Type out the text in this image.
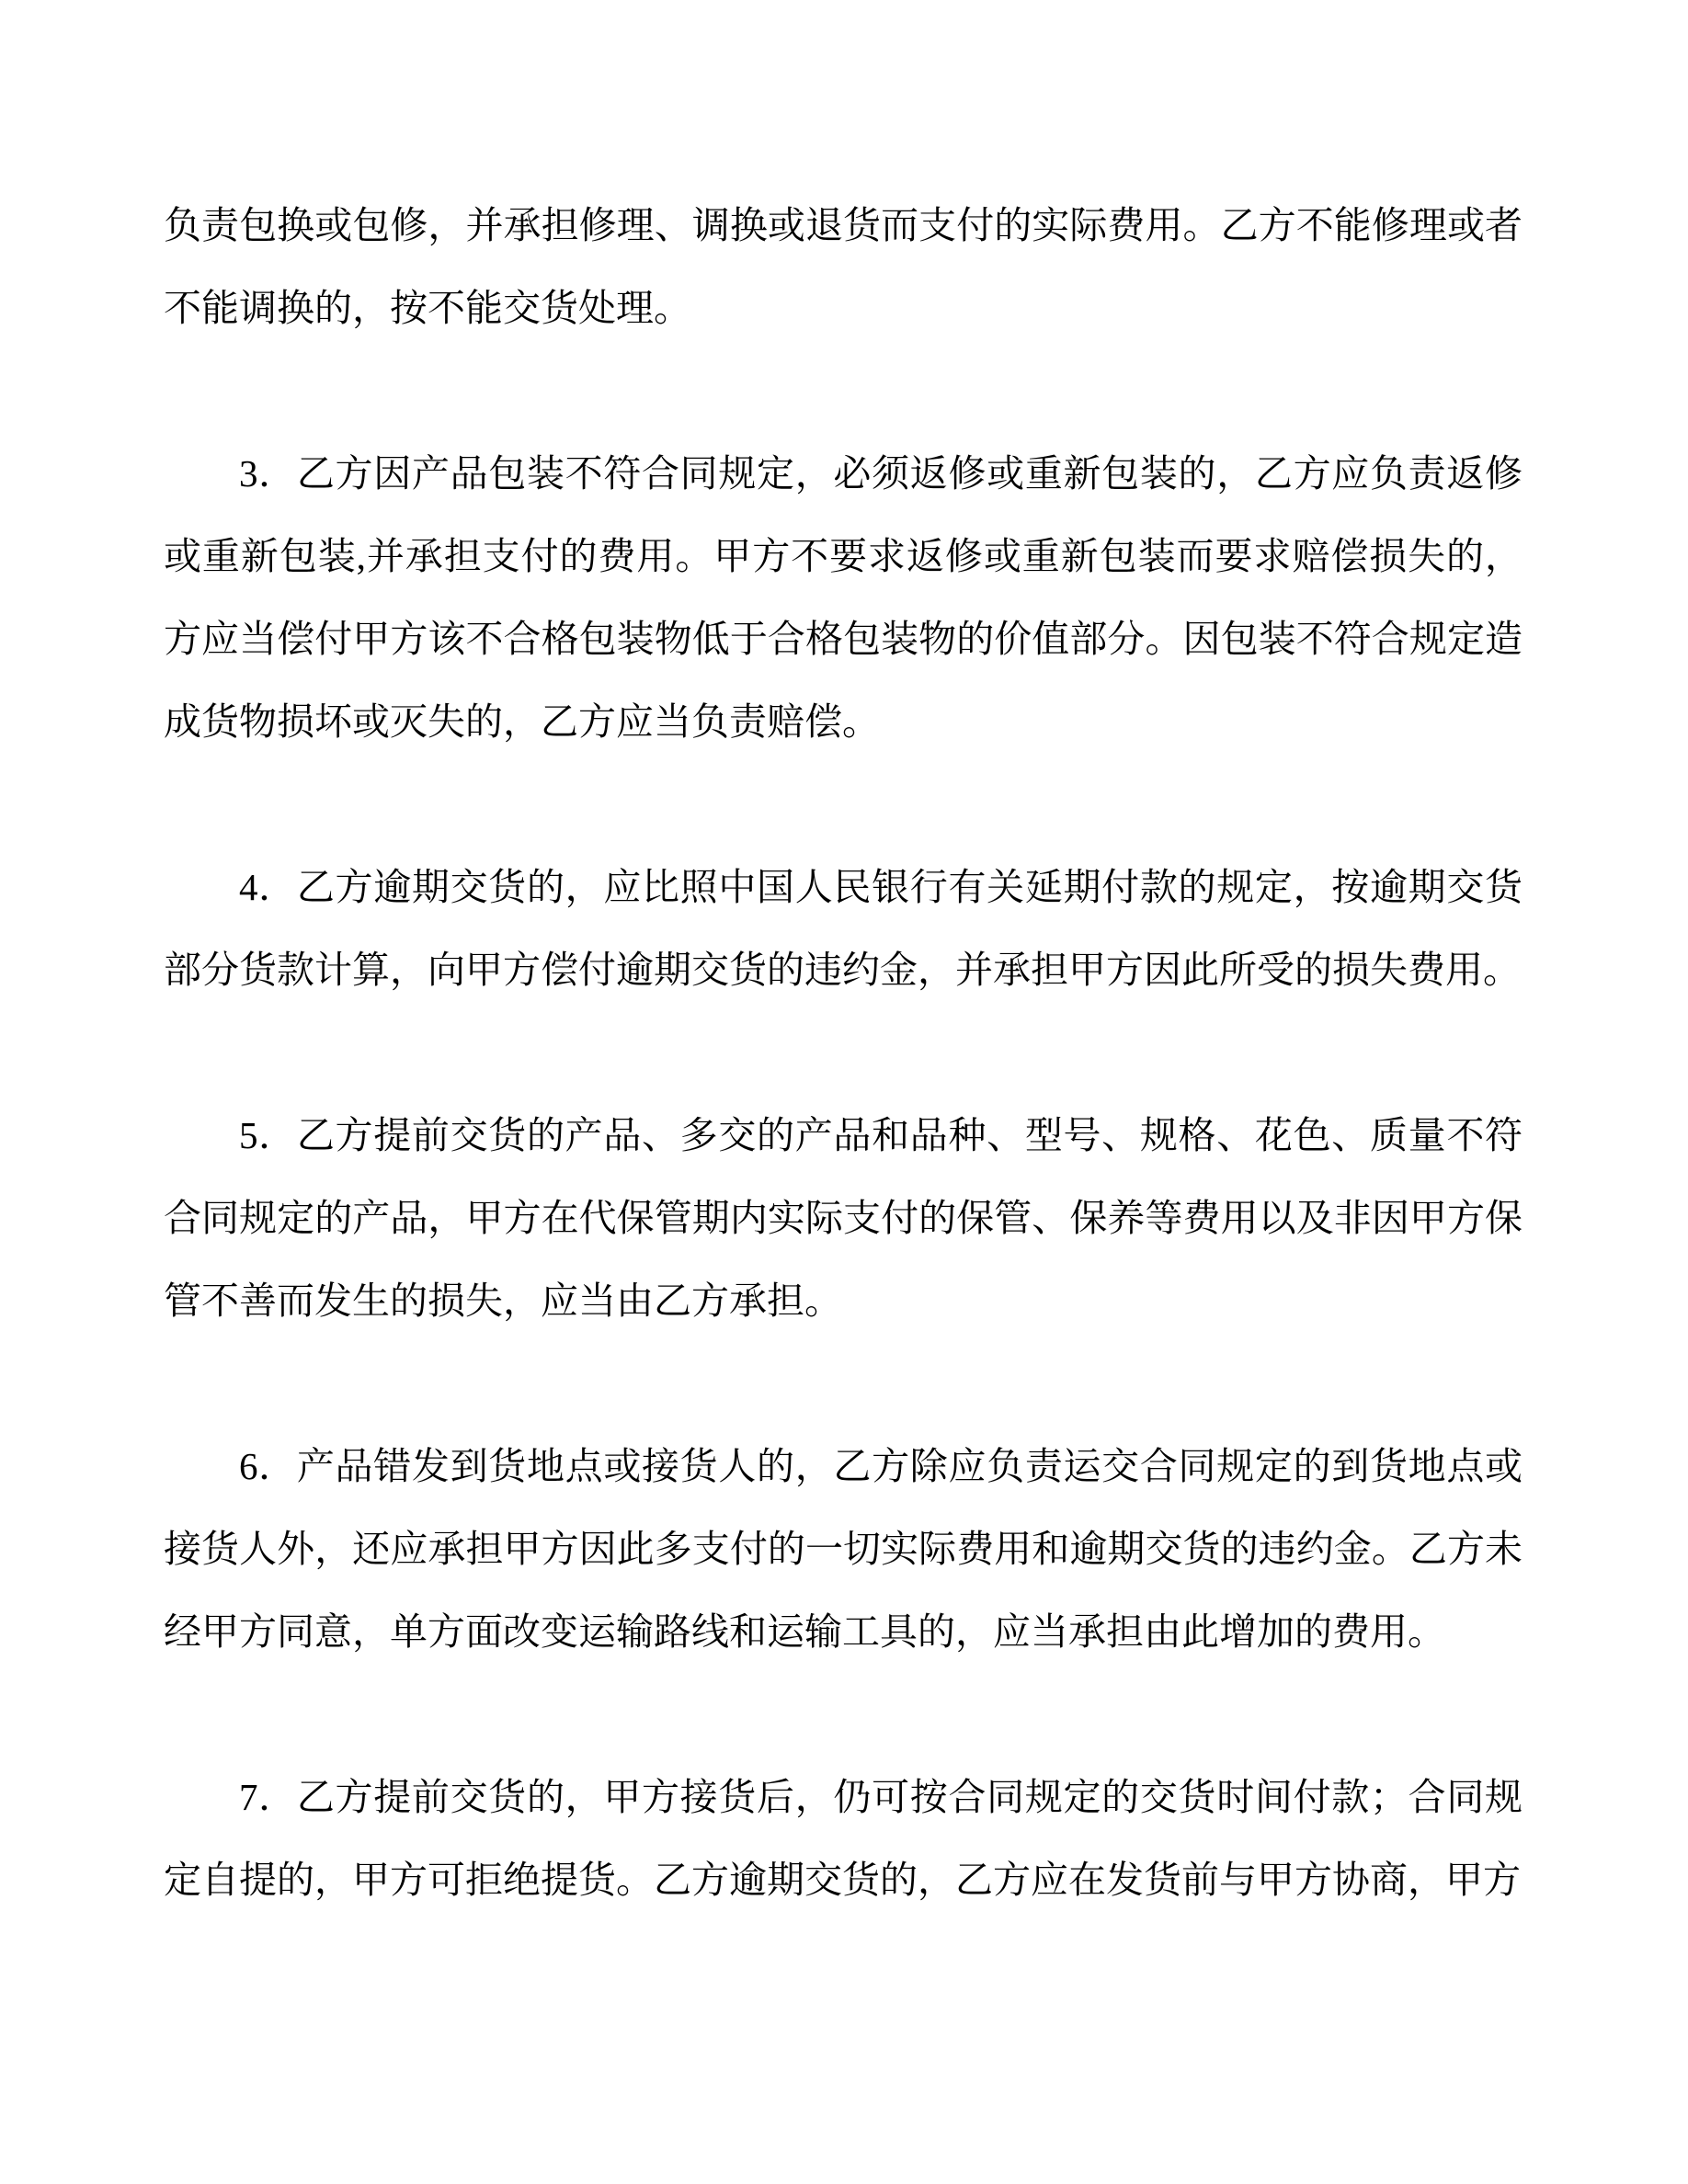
负责包换或包修，并承担修理、调换或退货而支付的实际费用。乙方不能修理或者不能调换的，按不能交货处理。

3．乙方因产品包装不符合同规定，必须返修或重新包装的，乙方应负责返修或重新包装,并承担支付的费用。甲方不要求返修或重新包装而要求赔偿损失的，方应当偿付甲方该不合格包装物低于合格包装物的价值部分。因包装不符合规定造成货物损坏或灭失的，乙方应当负责赔偿。

4．乙方逾期交货的，应比照中国人民银行有关延期付款的规定，按逾期交货部分货款计算，向甲方偿付逾期交货的违约金，并承担甲方因此所受的损失费用。

5．乙方提前交货的产品、多交的产品和品种、型号、规格、花色、质量不符合同规定的产品，甲方在代保管期内实际支付的保管、保养等费用以及非因甲方保管不善而发生的损失，应当由乙方承担。

6．产品错发到货地点或接货人的，乙方除应负责运交合同规定的到货地点或接货人外，还应承担甲方因此多支付的一切实际费用和逾期交货的违约金。乙方未经甲方同意，单方面改变运输路线和运输工具的，应当承担由此增加的费用。

7．乙方提前交货的，甲方接货后，仍可按合同规定的交货时间付款；合同规定自提的，甲方可拒绝提货。乙方逾期交货的，乙方应在发货前与甲方协商，甲方
